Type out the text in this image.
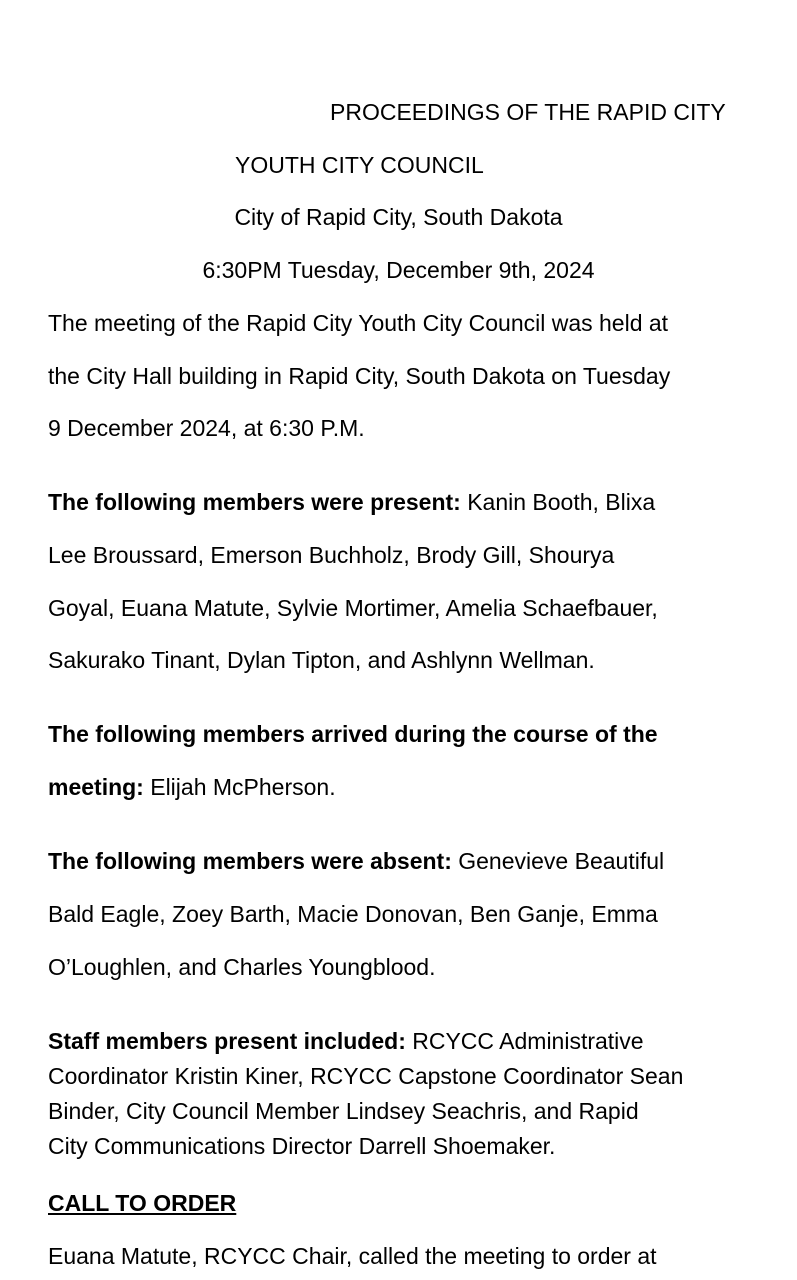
PROCEEDINGS OF THE RAPID CITY
YOUTH CITY COUNCIL
City of Rapid City, South Dakota
6:30PM Tuesday, December 9th, 2024
The meeting of the Rapid City Youth City Council was held at
the City Hall building in Rapid City, South Dakota on Tuesday
9 December 2024, at 6:30 P.M.
The following members were present: Kanin Booth, Blixa
Lee Broussard, Emerson Buchholz, Brody Gill, Shourya
Goyal, Euana Matute, Sylvie Mortimer, Amelia Schaefbauer,
Sakurako Tinant, Dylan Tipton, and Ashlynn Wellman.
The following members arrived during the course of the
meeting: Elijah McPherson.
The following members were absent: Genevieve Beautiful
Bald Eagle, Zoey Barth, Macie Donovan, Ben Ganje, Emma
O’Loughlen, and Charles Youngblood.
Staff members present included: RCYCC Administrative
Coordinator Kristin Kiner, RCYCC Capstone Coordinator Sean
Binder, City Council Member Lindsey Seachris, and Rapid
City Communications Director Darrell Shoemaker.
CALL TO ORDER
Euana Matute, RCYCC Chair, called the meeting to order at
